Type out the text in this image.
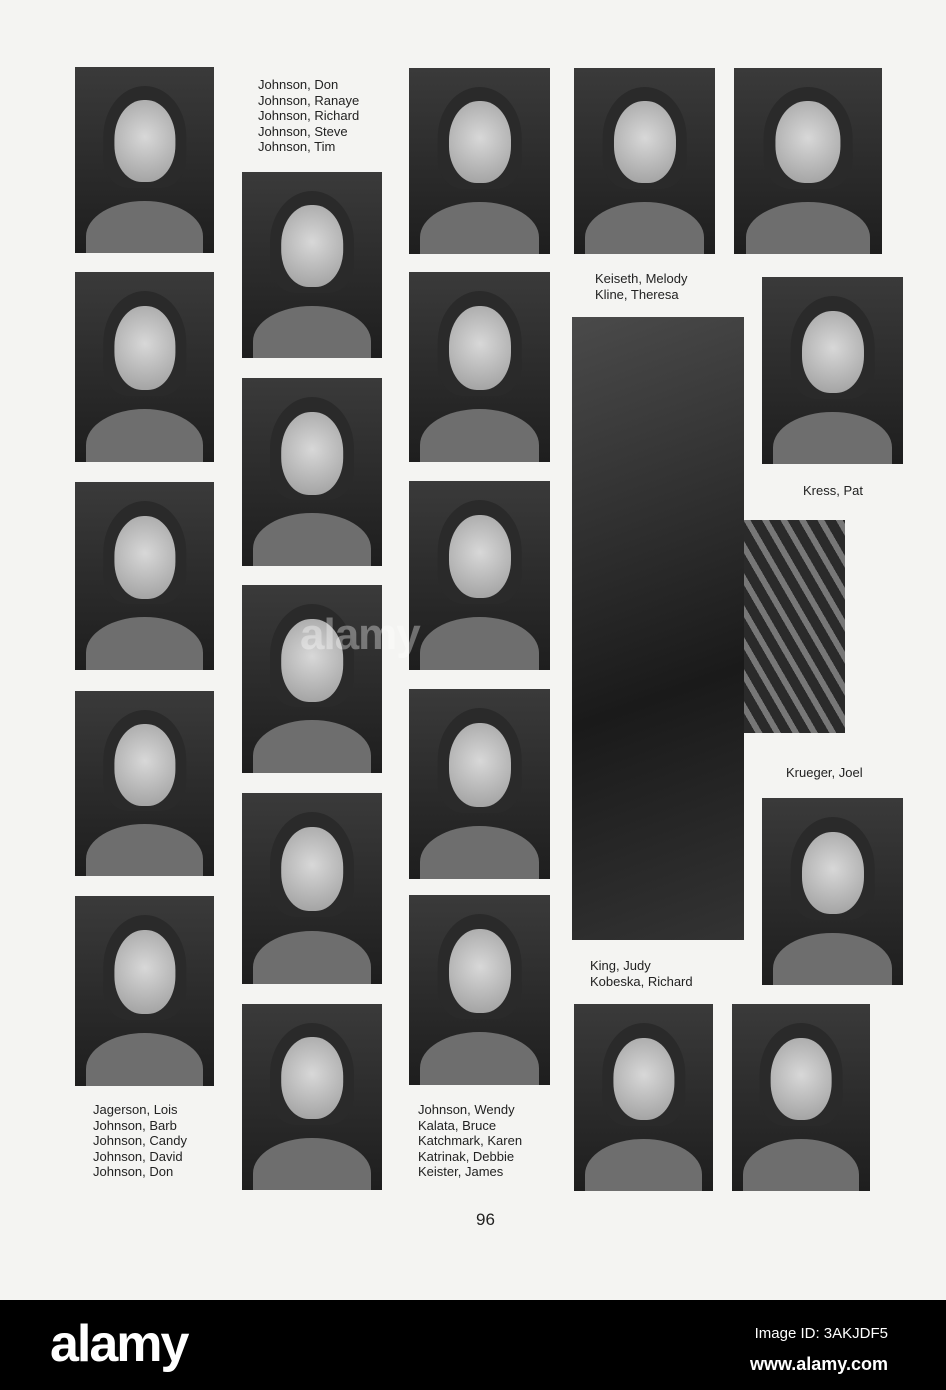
Johnson, Don
Johnson, Ranaye
Johnson, Richard
Johnson, Steve
Johnson, Tim
Keiseth, Melody
Kline, Theresa
Kress, Pat
Krueger, Joel
King, Judy
Kobeska, Richard
Jagerson, Lois
Johnson, Barb
Johnson, Candy
Johnson, David
Johnson, Don
Johnson, Wendy
Kalata, Bruce
Katchmark, Karen
Katrinak, Debbie
Keister, James
96
alamy
alamy	Image ID: 3AKJDF5
www.alamy.com
